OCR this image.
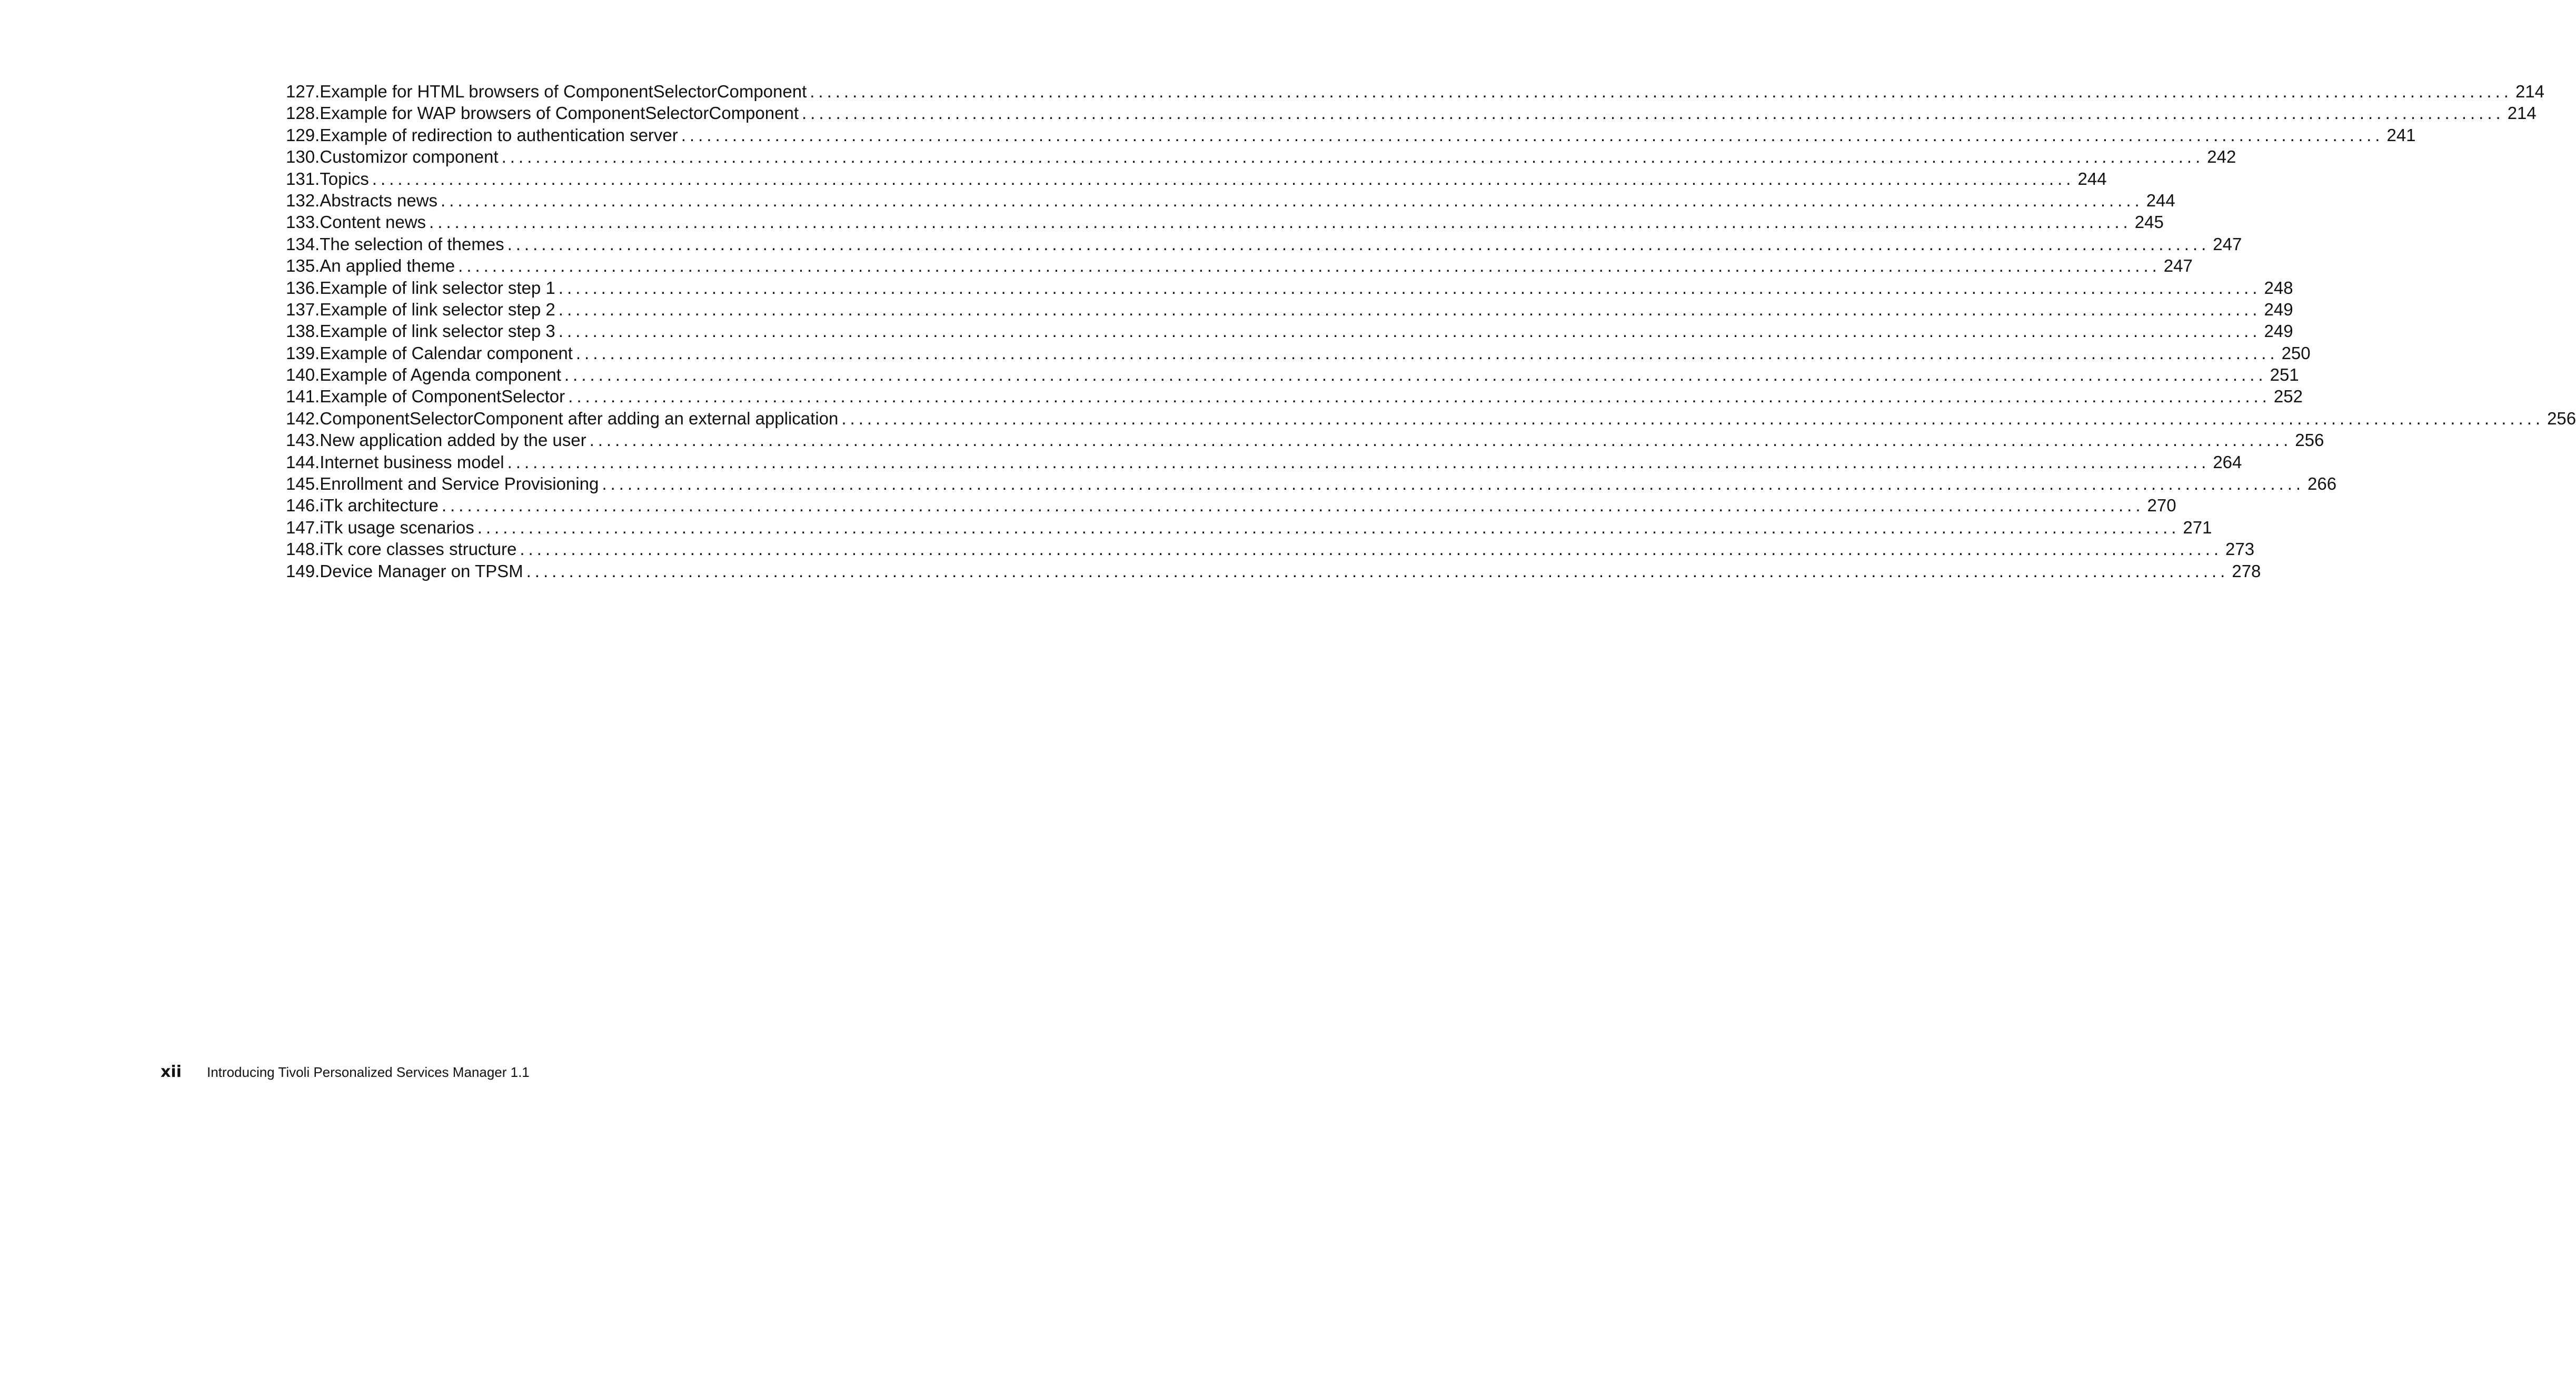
127. Example for HTML browsers of ComponentSelectorComponent ........................................................................................................................................................................................................ 214
128. Example for WAP browsers of ComponentSelectorComponent ........................................................................................................................................................................................................ 214
129. Example of redirection to authentication server ........................................................................................................................................................................................................ 241
130. Customizor component ........................................................................................................................................................................................................ 242
131. Topics ........................................................................................................................................................................................................ 244
132. Abstracts news ........................................................................................................................................................................................................ 244
133. Content news ........................................................................................................................................................................................................ 245
134. The selection of themes ........................................................................................................................................................................................................ 247
135. An applied theme ........................................................................................................................................................................................................ 247
136. Example of link selector step 1 ........................................................................................................................................................................................................ 248
137. Example of link selector step 2 ........................................................................................................................................................................................................ 249
138. Example of link selector step 3 ........................................................................................................................................................................................................ 249
139. Example of Calendar component ........................................................................................................................................................................................................ 250
140. Example of Agenda component ........................................................................................................................................................................................................ 251
141. Example of ComponentSelector ........................................................................................................................................................................................................ 252
142. ComponentSelectorComponent after adding an external application ........................................................................................................................................................................................................ 256
143. New application added by the user ........................................................................................................................................................................................................ 256
144. Internet business model ........................................................................................................................................................................................................ 264
145. Enrollment and Service Provisioning ........................................................................................................................................................................................................ 266
146. iTk architecture ........................................................................................................................................................................................................ 270
147. iTk usage scenarios ........................................................................................................................................................................................................ 271
148. iTk core classes structure ........................................................................................................................................................................................................ 273
149. Device Manager on TPSM ........................................................................................................................................................................................................ 278
xii	Introducing Tivoli Personalized Services Manager 1.1
